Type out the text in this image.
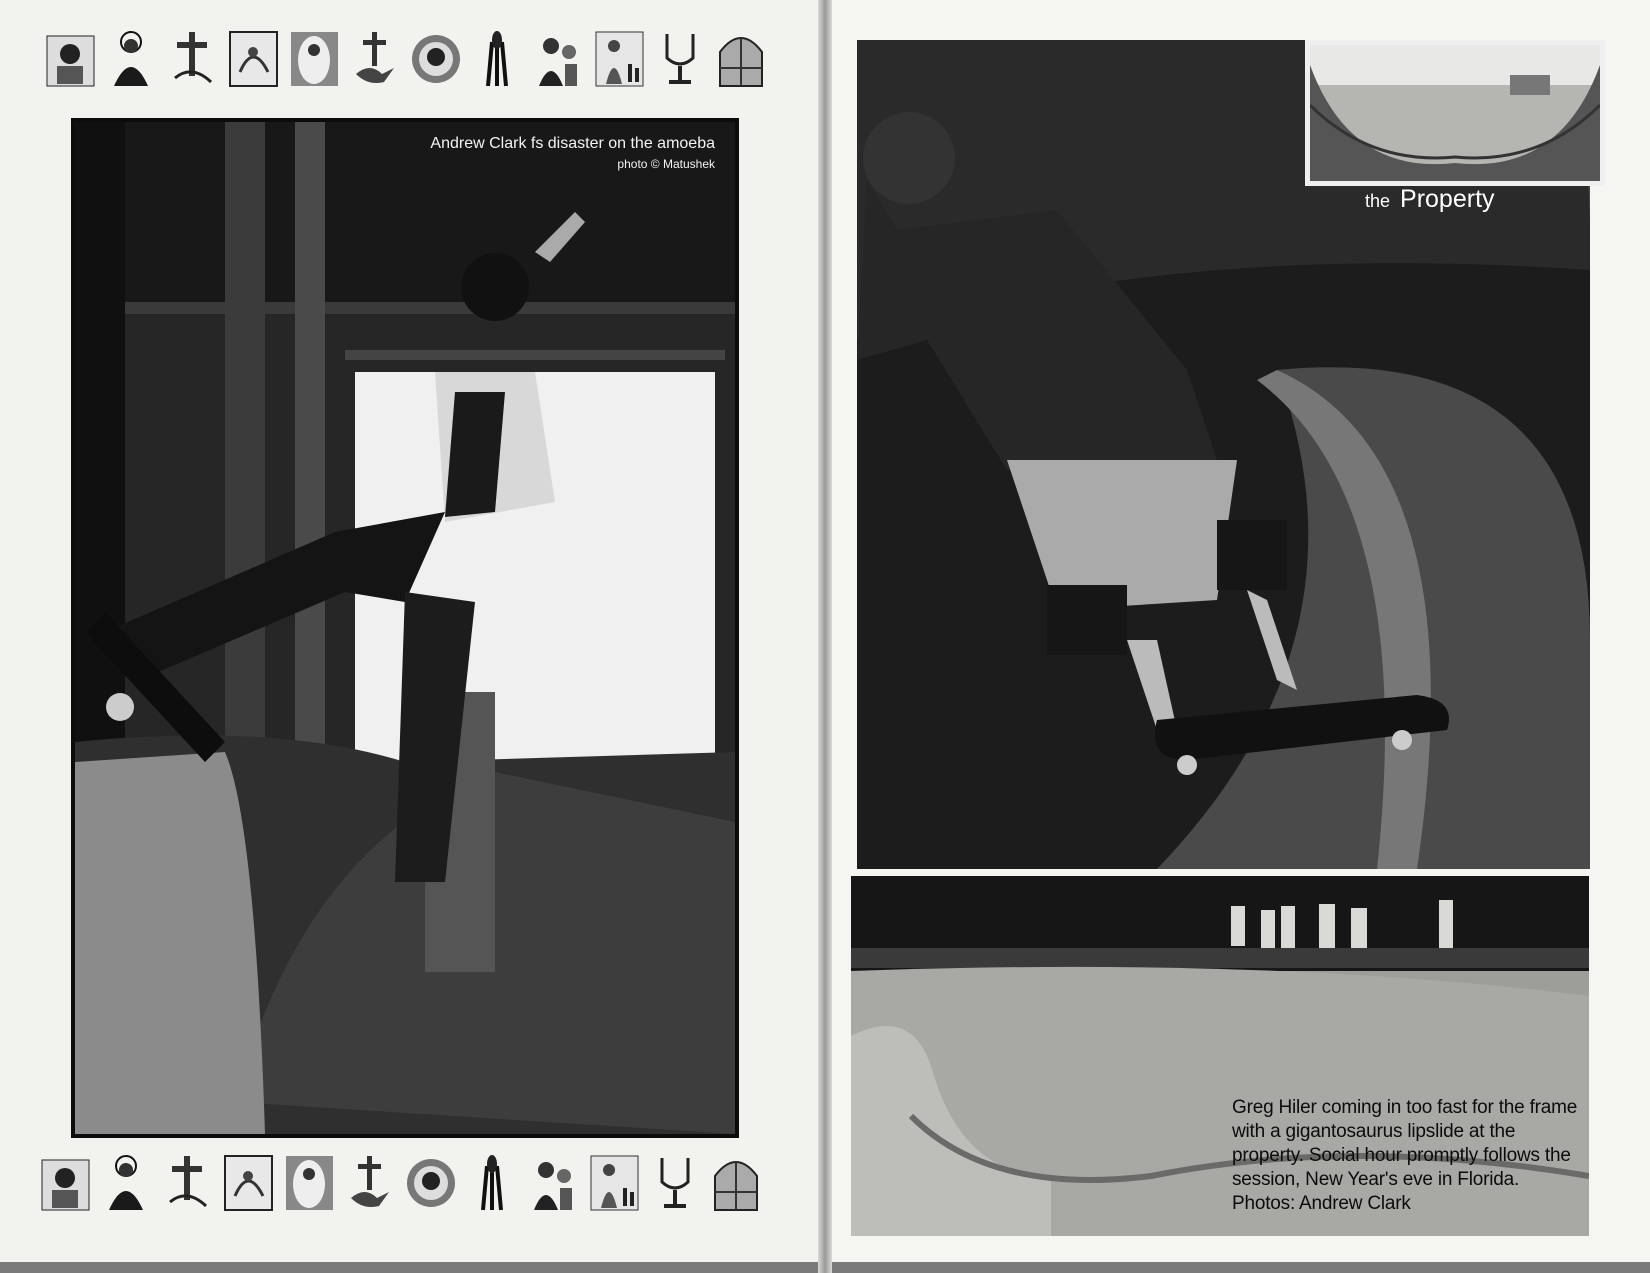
Andrew Clark fs disaster on the amoeba
photo © Matushek
the Property
Greg Hiler coming in too fast for the frame with a gigantosaurus lipslide at the property. Social hour promptly follows the session, New Year's eve in Florida. Photos: Andrew Clark
